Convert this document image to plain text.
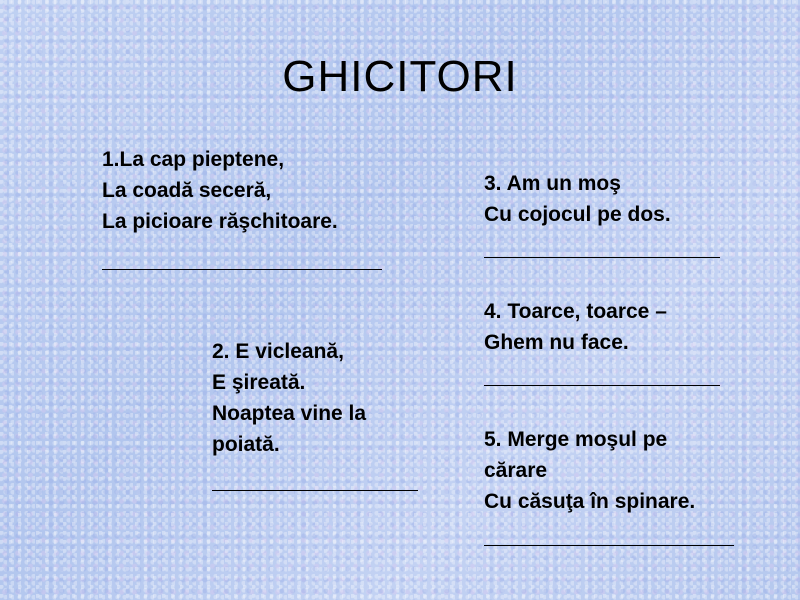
GHICITORI
1.La cap pieptene,
La coadă seceră,
La picioare răşchitoare.
2. E vicleană,
E şireată.
Noaptea vine la
poiată.
3. Am un moş
Cu cojocul pe dos.
4. Toarce, toarce –
Ghem nu face.
5. Merge moşul pe
cărare
Cu căsuţa în spinare.
